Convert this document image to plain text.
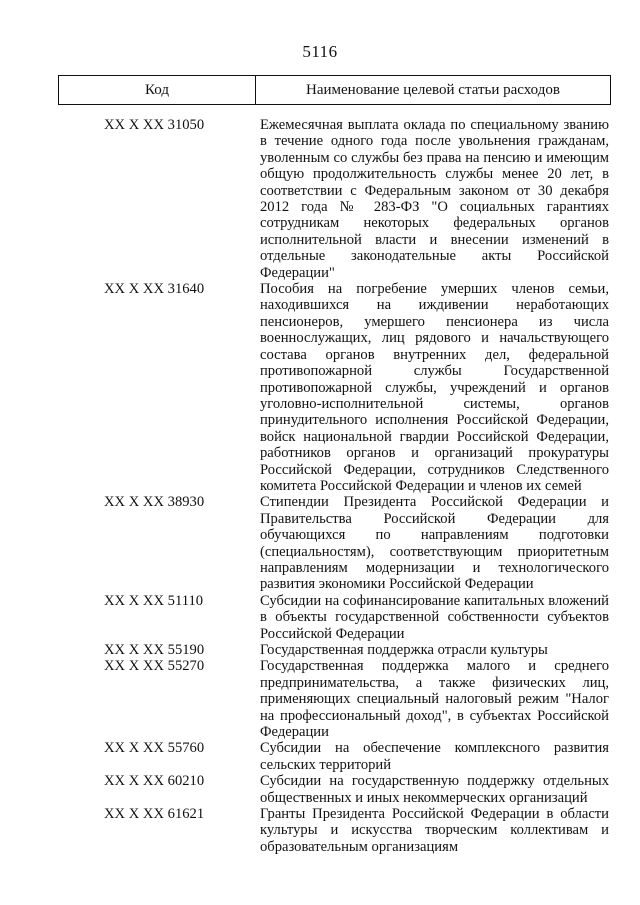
5116
Код	Наименование целевой статьи расходов
XX X XX 31050	Ежемесячная выплата оклада по специальному званию в течение одного года после увольнения гражданам, уволенным со службы без права на пенсию и имеющим общую продолжительность службы менее 20 лет, в соответствии с Федеральным законом от 30 декабря 2012 года № 283-ФЗ "О социальных гарантиях сотрудникам некоторых федеральных органов исполнительной власти и внесении изменений в отдельные законодательные акты Российской Федерации"
XX X XX 31640	Пособия на погребение умерших членов семьи, находившихся на иждивении неработающих пенсионеров, умершего пенсионера из числа военнослужащих, лиц рядового и начальствующего состава органов внутренних дел, федеральной противопожарной службы Государственной противопожарной службы, учреждений и органов уголовно-исполнительной системы, органов принудительного исполнения Российской Федерации, войск национальной гвардии Российской Федерации, работников органов и организаций прокуратуры Российской Федерации, сотрудников Следственного комитета Российской Федерации и членов их семей
XX X XX 38930	Стипендии Президента Российской Федерации и Правительства Российской Федерации для обучающихся по направлениям подготовки (специальностям), соответствующим приоритетным направлениям модернизации и технологического развития экономики Российской Федерации
XX X XX 51110	Субсидии на софинансирование капитальных вложений в объекты государственной собственности субъектов Российской Федерации
XX X XX 55190	Государственная поддержка отрасли культуры
XX X XX 55270	Государственная поддержка малого и среднего предпринимательства, а также физических лиц, применяющих специальный налоговый режим "Налог на профессиональный доход", в субъектах Российской Федерации
XX X XX 55760	Субсидии на обеспечение комплексного развития сельских территорий
XX X XX 60210	Субсидии на государственную поддержку отдельных общественных и иных некоммерческих организаций
XX X XX 61621	Гранты Президента Российской Федерации в области культуры и искусства творческим коллективам и образовательным организациям
